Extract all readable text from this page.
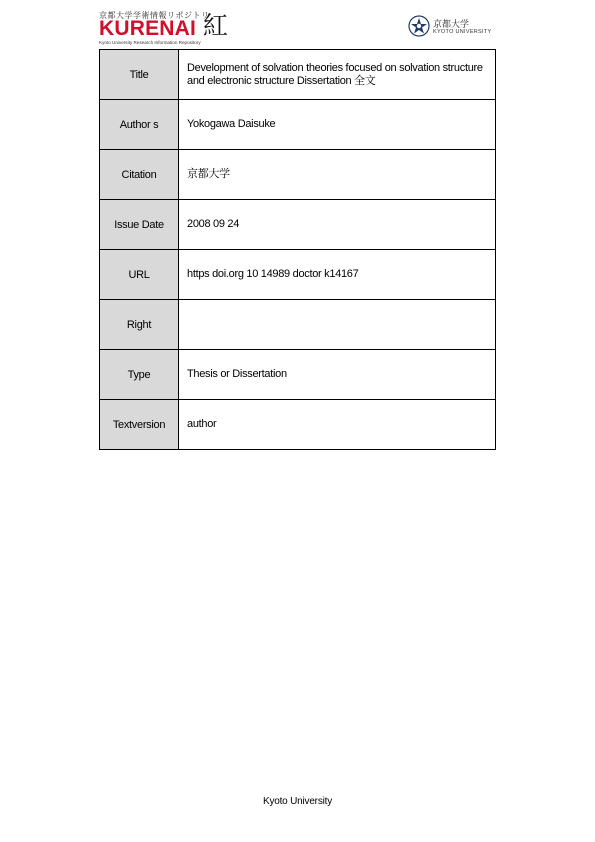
京都大学学術情報リポジトリ
KURENAI 紅
Kyoto University Research Information Repository
京都大学
KYOTO UNIVERSITY
Title	Development of solvation theories focused on solvation structure and electronic structure Dissertation 全文
Author s	Yokogawa Daisuke
Citation	京都大学
Issue Date	2008 09 24
URL	https doi.org 10 14989 doctor k14167
Right	
Type	Thesis or Dissertation
Textversion	author
Kyoto University
